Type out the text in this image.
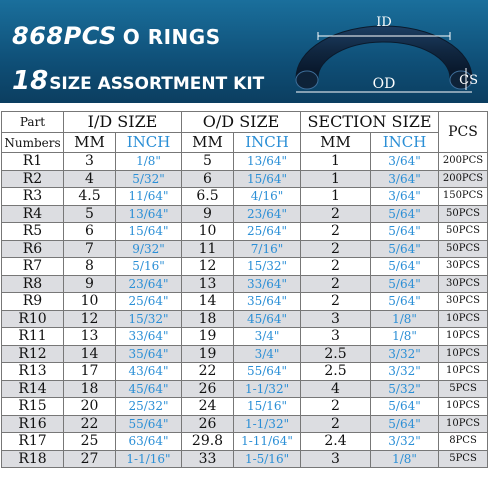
868PCS O RINGS
18SIZE ASSORTMENT KIT
ID
OD	CS
Part	I/D SIZE		O/D SIZE		SECTION SIZE		PCS
Numbers	MM	INCH	MM	INCH	MM	INCH	
R1	3	1/8"	5	13/64"	1	3/64"	200PCS
R2	4	5/32"	6	15/64"	1	3/64"	200PCS
R3	4.5	11/64"	6.5	4/16"	1	3/64"	150PCS
R4	5	13/64"	9	23/64"	2	5/64"	50PCS
R5	6	15/64"	10	25/64"	2	5/64"	50PCS
R6	7	9/32"	11	7/16"	2	5/64"	50PCS
R7	8	5/16"	12	15/32"	2	5/64"	30PCS
R8	9	23/64"	13	33/64"	2	5/64"	30PCS
R9	10	25/64"	14	35/64"	2	5/64"	30PCS
R10	12	15/32"	18	45/64"	3	1/8"	10PCS
R11	13	33/64"	19	3/4"	3	1/8"	10PCS
R12	14	35/64"	19	3/4"	2.5	3/32"	10PCS
R13	17	43/64"	22	55/64"	2.5	3/32"	10PCS
R14	18	45/64"	26	1-1/32"	4	5/32"	5PCS
R15	20	25/32"	24	15/16"	2	5/64"	10PCS
R16	22	55/64"	26	1-1/32"	2	5/64"	10PCS
R17	25	63/64"	29.8	1-11/64"	2.4	3/32"	8PCS
R18	27	1-1/16"	33	1-5/16"	3	1/8"	5PCS
